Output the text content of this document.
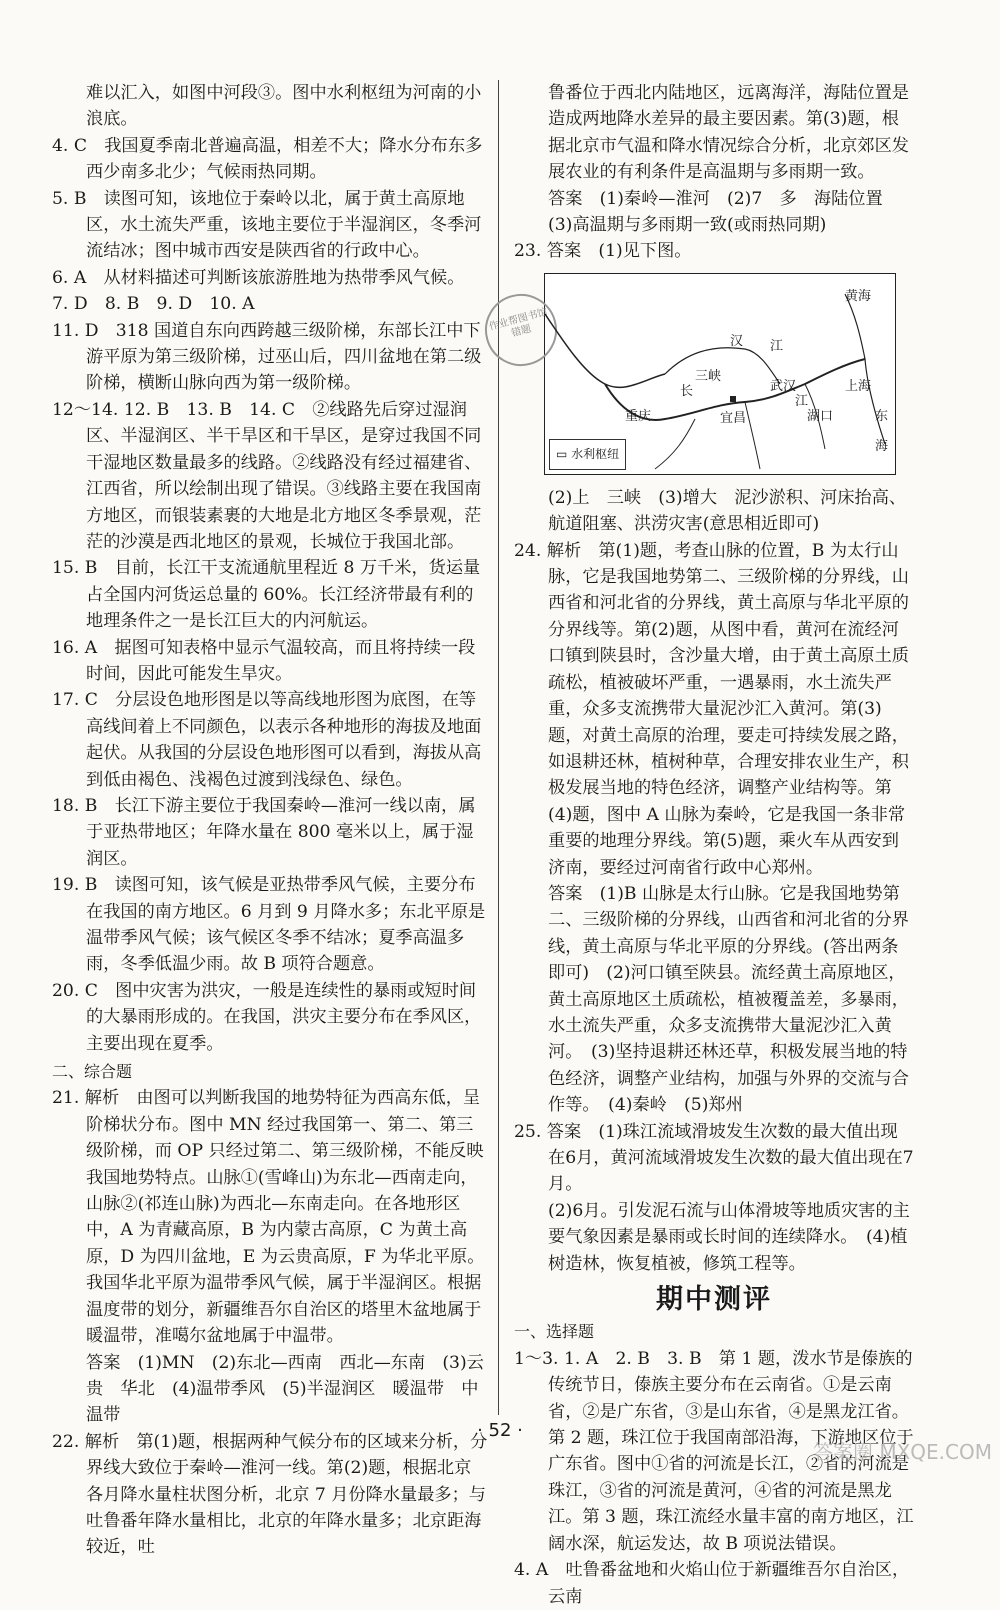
难以汇入，如图中河段③。图中水利枢纽为河南的小浪底。

4. C　我国夏季南北普遍高温，相差不大；降水分布东多西少南多北少；气候雨热同期。

5. B　读图可知，该地位于秦岭以北，属于黄土高原地区，水土流失严重，该地主要位于半湿润区，冬季河流结冰；图中城市西安是陕西省的行政中心。

6. A　从材料描述可判断该旅游胜地为热带季风气候。

7. D　8. B　9. D　10. A

11. D　318 国道自东向西跨越三级阶梯，东部长江中下游平原为第三级阶梯，过巫山后，四川盆地在第二级阶梯，横断山脉向西为第一级阶梯。

12～14. 12. B　13. B　14. C　②线路先后穿过湿润区、半湿润区、半干旱区和干旱区，是穿过我国不同干湿地区数量最多的线路。②线路没有经过福建省、江西省，所以绘制出现了错误。③线路主要在我国南方地区，而银装素裹的大地是北方地区冬季景观，茫茫的沙漠是西北地区的景观，长城位于我国北部。

15. B　目前，长江干支流通航里程近 8 万千米，货运量占全国内河货运总量的 60%。长江经济带最有利的地理条件之一是长江巨大的内河航运。

16. A　据图可知表格中显示气温较高，而且将持续一段时间，因此可能发生旱灾。

17. C　分层设色地形图是以等高线地形图为底图，在等高线间着上不同颜色，以表示各种地形的海拔及地面起伏。从我国的分层设色地形图可以看到，海拔从高到低由褐色、浅褐色过渡到浅绿色、绿色。

18. B　长江下游主要位于我国秦岭—淮河一线以南，属于亚热带地区；年降水量在 800 毫米以上，属于湿润区。

19. B　读图可知，该气候是亚热带季风气候，主要分布在我国的南方地区。6 月到 9 月降水多；东北平原是温带季风气候；该气候区冬季不结冰；夏季高温多雨，冬季低温少雨。故 B 项符合题意。

20. C　图中灾害为洪灾，一般是连续性的暴雨或短时间的大暴雨形成的。在我国，洪灾主要分布在季风区，主要出现在夏季。

二、综合题

21. 解析　由图可以判断我国的地势特征为西高东低，呈阶梯状分布。图中 MN 经过我国第一、第二、第三级阶梯，而 OP 只经过第二、第三级阶梯，不能反映我国地势特点。山脉①(雪峰山)为东北—西南走向，山脉②(祁连山脉)为西北—东南走向。在各地形区中，A 为青藏高原，B 为内蒙古高原，C 为黄土高原，D 为四川盆地，E 为云贵高原，F 为华北平原。我国华北平原为温带季风气候，属于半湿润区。根据温度带的划分，新疆维吾尔自治区的塔里木盆地属于暖温带，准噶尔盆地属于中温带。

答案　(1)MN　(2)东北—西南　西北—东南　(3)云贵　华北　(4)温带季风　(5)半湿润区　暖温带　中温带

22. 解析　第(1)题，根据两种气候分布的区域来分析，分界线大致位于秦岭—淮河一线。第(2)题，根据北京各月降水量柱状图分析，北京 7 月份降水量最多；与吐鲁番年降水量相比，北京的年降水量多；北京距海较近，吐

鲁番位于西北内陆地区，远离海洋，海陆位置是造成两地降水差异的最主要因素。第(3)题，根据北京市气温和降水情况综合分析，北京郊区发展农业的有利条件是高温期与多雨期一致。

答案　(1)秦岭—淮河　(2)7　多　海陆位置　(3)高温期与多雨期一致(或雨热同期)

23. 答案　(1)见下图。

作业帮图书馆 错题
黄海
汉 江
三峡
武汉	上海
长
江
重庆	宜昌	湖口	东
海
▭ 水利枢纽

(2)上　三峡　(3)增大　泥沙淤积、河床抬高、航道阻塞、洪涝灾害(意思相近即可)

24. 解析　第(1)题，考查山脉的位置，B 为太行山脉，它是我国地势第二、三级阶梯的分界线，山西省和河北省的分界线，黄土高原与华北平原的分界线等。第(2)题，从图中看，黄河在流经河口镇到陕县时，含沙量大增，由于黄土高原土质疏松，植被破坏严重，一遇暴雨，水土流失严重，众多支流携带大量泥沙汇入黄河。第(3)题，对黄土高原的治理，要走可持续发展之路，如退耕还林，植树种草，合理安排农业生产，积极发展当地的特色经济，调整产业结构等。第(4)题，图中 A 山脉为秦岭，它是我国一条非常重要的地理分界线。第(5)题，乘火车从西安到济南，要经过河南省行政中心郑州。

答案　(1)B 山脉是太行山脉。它是我国地势第二、三级阶梯的分界线，山西省和河北省的分界线，黄土高原与华北平原的分界线。(答出两条即可)　(2)河口镇至陕县。流经黄土高原地区，黄土高原地区土质疏松，植被覆盖差，多暴雨，水土流失严重，众多支流携带大量泥沙汇入黄河。　(3)坚持退耕还林还草，积极发展当地的特色经济，调整产业结构，加强与外界的交流与合作等。　(4)秦岭　(5)郑州

25. 答案　(1)珠江流域滑坡发生次数的最大值出现在6月，黄河流域滑坡发生次数的最大值出现在7月。

(2)6月。引发泥石流与山体滑坡等地质灾害的主要气象因素是暴雨或长时间的连续降水。　(4)植树造林，恢复植被，修筑工程等。

期中测评

一、选择题

1～3. 1. A　2. B　3. B　第 1 题，泼水节是傣族的传统节日，傣族主要分布在云南省。①是云南省，②是广东省，③是山东省，④是黑龙江省。第 2 题，珠江位于我国南部沿海，下游地区位于广东省。图中①省的河流是长江，②省的河流是珠江，③省的河流是黄河，④省的河流是黑龙江。第 3 题，珠江流经水量丰富的南方地区，江阔水深，航运发达，故 B 项说法错误。

4. A　吐鲁番盆地和火焰山位于新疆维吾尔自治区，云南

· 52 ·
答案圈 MXQE.COM
